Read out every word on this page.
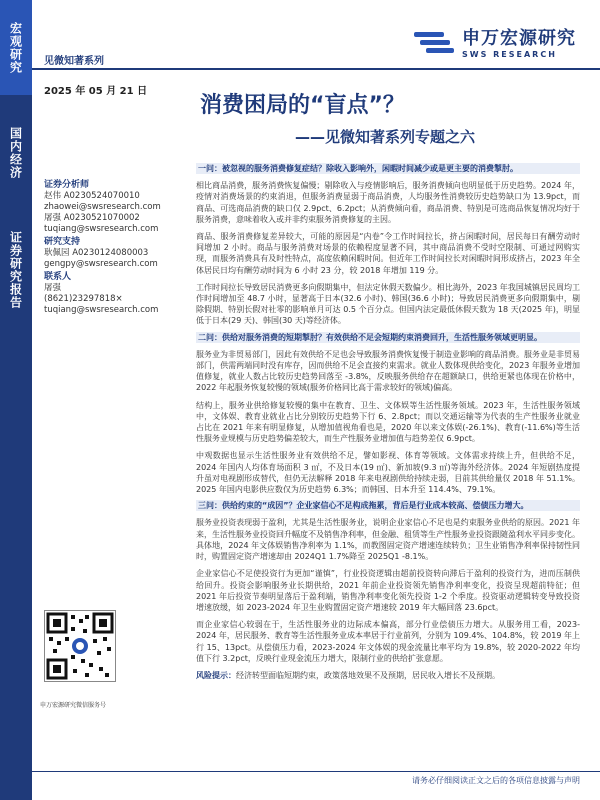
宏观研究
国内经济
证券研究报告
见微知著系列
2025 年 05 月 21 日
申万宏源研究
SWS RESEARCH
消费困局的“盲点”？
——见微知著系列专题之六
证券分析师
赵伟 A0230524070010
zhaowei@swsresearch.com
屠强 A0230521070002
tuqiang@swsresearch.com
研究支持
耿佩园 A0230124080003
gengpy@swsresearch.com
联系人
屠强
(8621)23297818×
tuqiang@swsresearch.com
申万宏源研究微信服务号
一问：被忽视的服务消费修复症结？除收入影响外，闲暇时间减少或是更主要的消费掣肘。
相比商品消费，服务消费恢复偏慢；剔除收入与疫情影响后，服务消费倾向也明显低于历史趋势。2024 年，疫情对消费场景的约束消退，但服务消费显弱于商品消费，人均服务性消费较历史趋势缺口为 13.9pct，而商品、可选商品消费的缺口仅 2.9pct、6.2pct；从消费倾向看，商品消费、特别是可选商品恢复情况均好于服务消费，意味着收入或并非约束服务消费修复的主因。
商品、服务消费修复差异较大，可能的原因是“内卷”令工作时间拉长，挤占闲暇时间，居民每日有酬劳动时间增加 2 小时。商品与服务消费对场景的依赖程度显著不同，其中商品消费不受时空限制、可通过网购实现，而服务消费具有及时性特点，高度依赖闲暇时间。但近年工作时间拉长对闲暇时间形成挤占，2023 年全体居民日均有酬劳动时间为 6 小时 23 分，较 2018 年增加 119 分。
工作时间拉长导致居民消费更多向假期集中，但法定休假天数偏少。相比海外，2023 年我国城镇居民周均工作时间增加至 48.7 小时，显著高于日本(32.6 小时)、韩国(36.6 小时)；导致居民消费更多向假期集中，剔除假期、特别长假对社零的影响单月可达 0.5 个百分点。但国内法定最低休假天数为 18 天(2025 年)，明显低于日本(29 天)、韩国(30 天)等经济体。
二问：供给对服务消费的短期掣肘？有效供给不足会短期约束消费回升，生活性服务领域更明显。
服务业为非贸易部门，因此有效供给不足也会导致服务消费恢复慢于制造业影响的商品消费。服务业是非贸易部门，供需两端同时没有库存，因而供给不足会直接约束需求。就业人数体现供给变化，2023 年服务业增加值修复，就业人数占比较历史趋势回落至 -3.8%，反映服务供给存在超额缺口，供给更紧也体现在价格中，2022 年起服务恢复较慢的领域(服务价格同比高于需求较好的领域)偏高。
结构上，服务业供给修复较慢的集中在教育、卫生、文体娱等生活性服务领域。2023 年，生活性服务领域中，文体娱、教育业就业占比分别较历史趋势下行 6、2.8pct；而以交通运输等为代表的生产性服务业就业占比在 2021 年来有明显修复，从增加值视角看也是，2020 年以来文体娱(-26.1%)、教育(-11.6%)等生活性服务业规模与历史趋势偏差较大，而生产性服务业增加值与趋势差仅 6.9pct。
中观数据也显示生活性服务业有效供给不足，譬如影视、体育等领域。文体需求持续上升，但供给不足，2024 年国内人均体育场面积 3 ㎡，不及日本(19 ㎡)、新加坡(9.3 ㎡)等海外经济体。2024 年短剧热度提升虽对电视剧形成替代，但仍无法解释 2018 年来电视剧供给持续走弱，目前其供给量仅 2018 年 51.1%。2025 年国内电影供应数仅为历史趋势 6.3%；而韩国、日本升至 114.4%、79.1%。
三问：供给约束的“成因”？企业家信心不足构成拖累，背后是行业成本较高、偿债压力增大。
服务业投资表现弱于盈利，尤其是生活性服务业，说明企业家信心不足也是约束服务业供给的原因。2021 年来，生活性服务业投资回升幅度不及销售净利率，但金融、租赁等生产性服务业投资跟随盈利水平同步变化。具体地，2024 年文体娱销售净利率为 1.1%，而教图固定资产增速连续转负；卫生业销售净利率保持韧性同时，购置固定资产增速却由 2024Q1 1.7%降至 2025Q1 -8.1%。
企业家信心不足使投资行为更加“谨慎”，行业投资逻辑由超前投资转向滞后于盈利的投资行为，进而压制供给回升。投资会影响服务业长期供给，2021 年前企业投资领先销售净利率变化，投资呈现超前特征；但 2021 年后投资节奏明显落后于盈利端，销售净利率变化领先投资 1-2 个季度。投资驱动逻辑转变导致投资增速放缓，如 2023-2024 年卫生业购置固定资产增速较 2019 年大幅回落 23.6pct。
而企业家信心较弱在于，生活性服务业的边际成本偏高，部分行业偿债压力增大。从服务用工看，2023-2024 年，居民服务、教育等生活性服务业成本率居于行业前列，分别为 109.4%、104.8%，较 2019 年上行 15、13pct。从偿债压力看，2023-2024 年文体娱的现金流量比率平均为 19.8%，较 2020-2022 年均值下行 3.2pct，反映行业现金流压力增大，限制行业的供给扩张意愿。
风险提示：经济转型面临短期约束，政策落地效果不及预期，居民收入增长不及预期。
请务必仔细阅读正文之后的各项信息披露与声明
